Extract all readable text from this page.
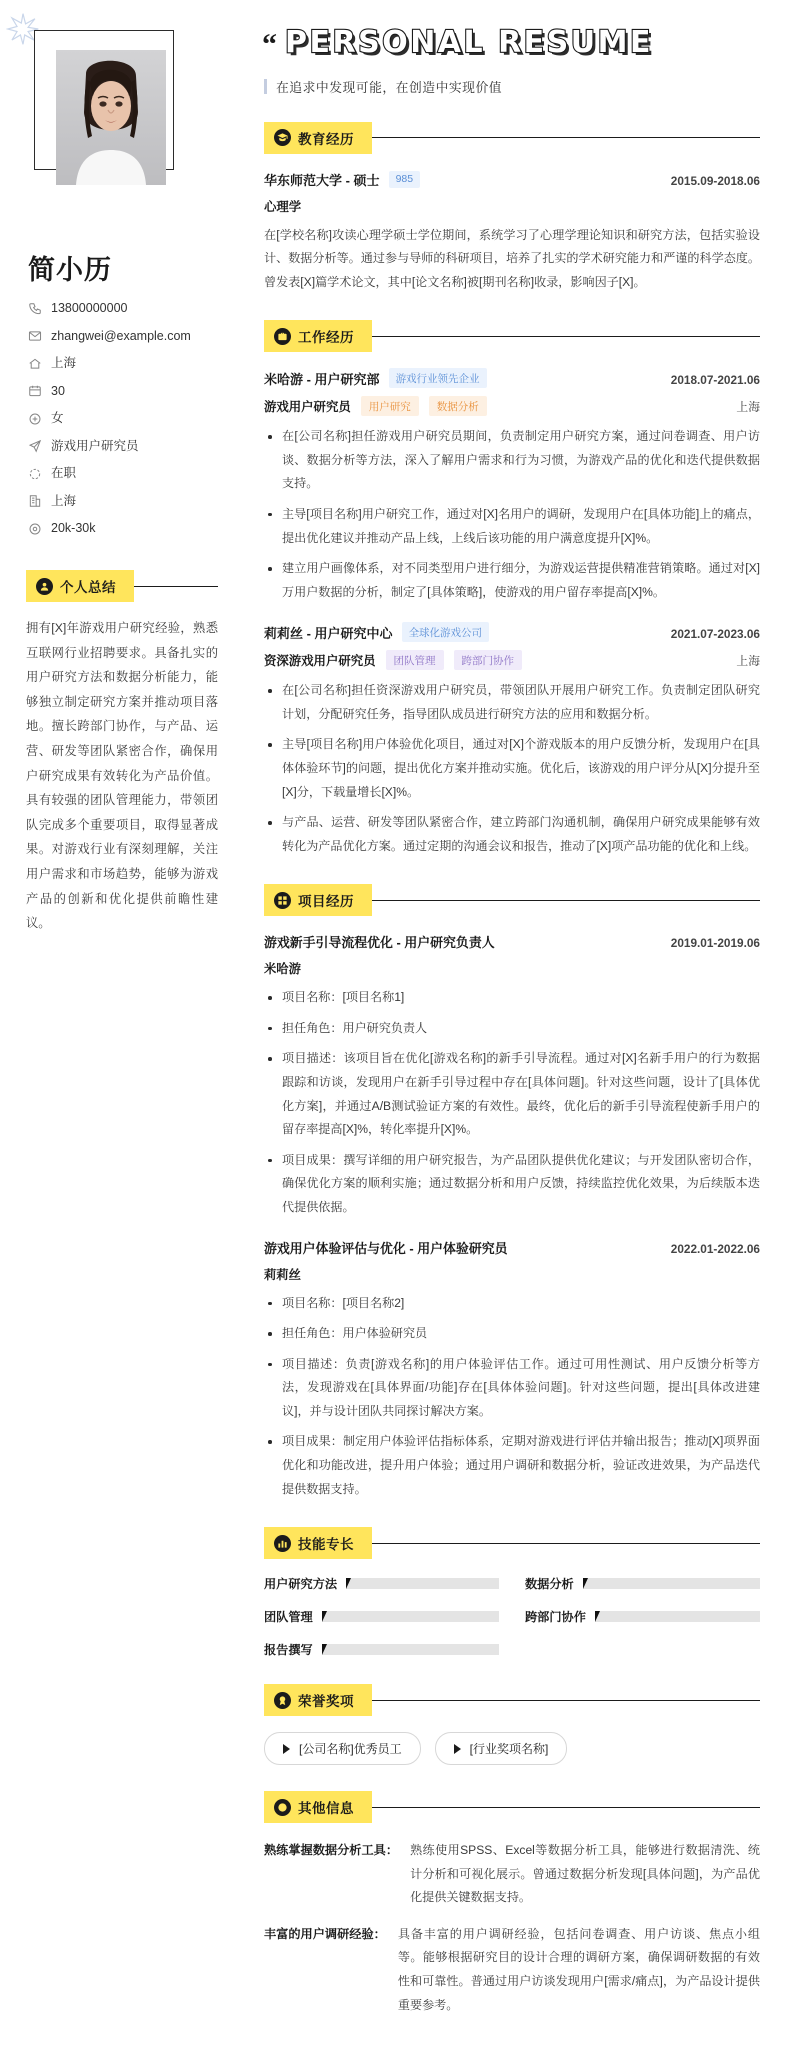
简小历
13800000000
zhangwei@example.com
上海
30
女
游戏用户研究员
在职
上海
20k-30k
个人总结

拥有[X]年游戏用户研究经验，熟悉互联网行业招聘要求。具备扎实的用户研究方法和数据分析能力，能够独立制定研究方案并推动项目落地。擅长跨部门协作，与产品、运营、研发等团队紧密合作，确保用户研究成果有效转化为产品价值。具有较强的团队管理能力，带领团队完成多个重要项目，取得显著成果。对游戏行业有深刻理解，关注用户需求和市场趋势，能够为游戏产品的创新和优化提供前瞻性建议。

“ PERSONAL RESUME
在追求中发现可能，在创造中实现价值
教育经历
华东师范大学 - 硕士	985	2015.09-2018.06
心理学

在[学校名称]攻读心理学硕士学位期间，系统学习了心理学理论知识和研究方法，包括实验设计、数据分析等。通过参与导师的科研项目，培养了扎实的学术研究能力和严谨的科学态度。曾发表[X]篇学术论文，其中[论文名称]被[期刊名称]收录，影响因子[X]。

工作经历
米哈游 - 用户研究部	游戏行业领先企业	2018.07-2021.06
游戏用户研究员	用户研究	数据分析	上海
在[公司名称]担任游戏用户研究员期间，负责制定用户研究方案，通过问卷调查、用户访谈、数据分析等方法，深入了解用户需求和行为习惯，为游戏产品的优化和迭代提供数据支持。
主导[项目名称]用户研究工作，通过对[X]名用户的调研，发现用户在[具体功能]上的痛点，提出优化建议并推动产品上线，上线后该功能的用户满意度提升[X]%。
建立用户画像体系，对不同类型用户进行细分，为游戏运营提供精准营销策略。通过对[X]万用户数据的分析，制定了[具体策略]，使游戏的用户留存率提高[X]%。
莉莉丝 - 用户研究中心	全球化游戏公司	2021.07-2023.06
资深游戏用户研究员	团队管理	跨部门协作	上海
在[公司名称]担任资深游戏用户研究员，带领团队开展用户研究工作。负责制定团队研究计划，分配研究任务，指导团队成员进行研究方法的应用和数据分析。
主导[项目名称]用户体验优化项目，通过对[X]个游戏版本的用户反馈分析，发现用户在[具体体验环节]的问题，提出优化方案并推动实施。优化后，该游戏的用户评分从[X]分提升至[X]分，下载量增长[X]%。
与产品、运营、研发等团队紧密合作，建立跨部门沟通机制，确保用户研究成果能够有效转化为产品优化方案。通过定期的沟通会议和报告，推动了[X]项产品功能的优化和上线。
项目经历
游戏新手引导流程优化 - 用户研究负责人	2019.01-2019.06
米哈游
项目名称：[项目名称1]
担任角色：用户研究负责人
项目描述：该项目旨在优化[游戏名称]的新手引导流程。通过对[X]名新手用户的行为数据跟踪和访谈，发现用户在新手引导过程中存在[具体问题]。针对这些问题，设计了[具体优化方案]，并通过A/B测试验证方案的有效性。最终，优化后的新手引导流程使新手用户的留存率提高[X]%，转化率提升[X]%。
项目成果：撰写详细的用户研究报告，为产品团队提供优化建议；与开发团队密切合作，确保优化方案的顺利实施；通过数据分析和用户反馈，持续监控优化效果，为后续版本迭代提供依据。
游戏用户体验评估与优化 - 用户体验研究员	2022.01-2022.06
莉莉丝
项目名称：[项目名称2]
担任角色：用户体验研究员
项目描述：负责[游戏名称]的用户体验评估工作。通过可用性测试、用户反馈分析等方法，发现游戏在[具体界面/功能]存在[具体体验问题]。针对这些问题，提出[具体改进建议]，并与设计团队共同探讨解决方案。
项目成果：制定用户体验评估指标体系，定期对游戏进行评估并输出报告；推动[X]项界面优化和功能改进，提升用户体验；通过用户调研和数据分析，验证改进效果，为产品迭代提供数据支持。
技能专长
用户研究方法	数据分析
团队管理	跨部门协作
报告撰写
荣誉奖项
[公司名称]优秀员工	[行业奖项名称]
其他信息
熟练掌握数据分析工具： 熟练使用SPSS、Excel等数据分析工具，能够进行数据清洗、统计分析和可视化展示。曾通过数据分析发现[具体问题]，为产品优化提供关键数据支持。
丰富的用户调研经验： 具备丰富的用户调研经验，包括问卷调查、用户访谈、焦点小组等。能够根据研究目的设计合理的调研方案，确保调研数据的有效性和可靠性。普通过用户访谈发现用户[需求/痛点]，为产品设计提供重要参考。
